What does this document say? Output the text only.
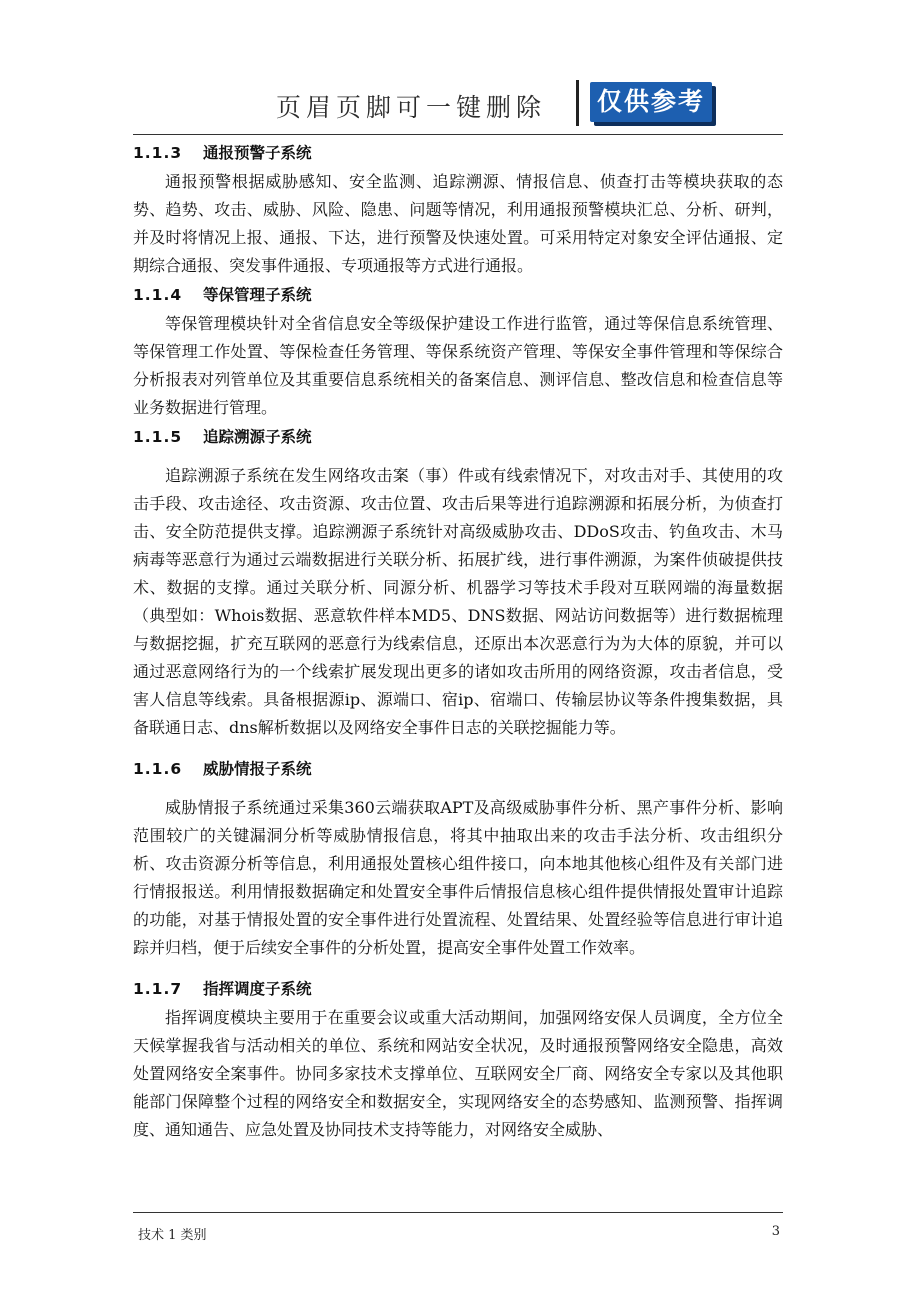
页眉页脚可一键删除 仅供参考
1.1.3 通报预警子系统

通报预警根据威胁感知、安全监测、追踪溯源、情报信息、侦查打击等模块获取的态势、趋势、攻击、威胁、风险、隐患、问题等情况，利用通报预警模块汇总、分析、研判，并及时将情况上报、通报、下达，进行预警及快速处置。可采用特定对象安全评估通报、定期综合通报、突发事件通报、专项通报等方式进行通报。

1.1.4 等保管理子系统

等保管理模块针对全省信息安全等级保护建设工作进行监管，通过等保信息系统管理、等保管理工作处置、等保检查任务管理、等保系统资产管理、等保安全事件管理和等保综合分析报表对列管单位及其重要信息系统相关的备案信息、测评信息、整改信息和检查信息等业务数据进行管理。

1.1.5 追踪溯源子系统

追踪溯源子系统在发生网络攻击案（事）件或有线索情况下，对攻击对手、其使用的攻击手段、攻击途径、攻击资源、攻击位置、攻击后果等进行追踪溯源和拓展分析，为侦查打击、安全防范提供支撑。追踪溯源子系统针对高级威胁攻击、DDoS攻击、钓鱼攻击、木马病毒等恶意行为通过云端数据进行关联分析、拓展扩线，进行事件溯源，为案件侦破提供技术、数据的支撑。通过关联分析、同源分析、机器学习等技术手段对互联网端的海量数据（典型如：Whois数据、恶意软件样本MD5、DNS数据、网站访问数据等）进行数据梳理与数据挖掘，扩充互联网的恶意行为线索信息，还原出本次恶意行为为大体的原貌，并可以通过恶意网络行为的一个线索扩展发现出更多的诸如攻击所用的网络资源，攻击者信息，受害人信息等线索。具备根据源ip、源端口、宿ip、宿端口、传输层协议等条件搜集数据，具备联通日志、dns解析数据以及网络安全事件日志的关联挖掘能力等。

1.1.6 威胁情报子系统

威胁情报子系统通过采集360云端获取APT及高级威胁事件分析、黑产事件分析、影响范围较广的关键漏洞分析等威胁情报信息，将其中抽取出来的攻击手法分析、攻击组织分析、攻击资源分析等信息，利用通报处置核心组件接口，向本地其他核心组件及有关部门进行情报报送。利用情报数据确定和处置安全事件后情报信息核心组件提供情报处置审计追踪的功能，对基于情报处置的安全事件进行处置流程、处置结果、处置经验等信息进行审计追踪并归档，便于后续安全事件的分析处置，提高安全事件处置工作效率。

1.1.7 指挥调度子系统

指挥调度模块主要用于在重要会议或重大活动期间，加强网络安保人员调度，全方位全天候掌握我省与活动相关的单位、系统和网站安全状况，及时通报预警网络安全隐患，高效处置网络安全案事件。协同多家技术支撑单位、互联网安全厂商、网络安全专家以及其他职能部门保障整个过程的网络安全和数据安全，实现网络安全的态势感知、监测预警、指挥调度、通知通告、应急处置及协同技术支持等能力，对网络安全威胁、

技术 1 类别	3
